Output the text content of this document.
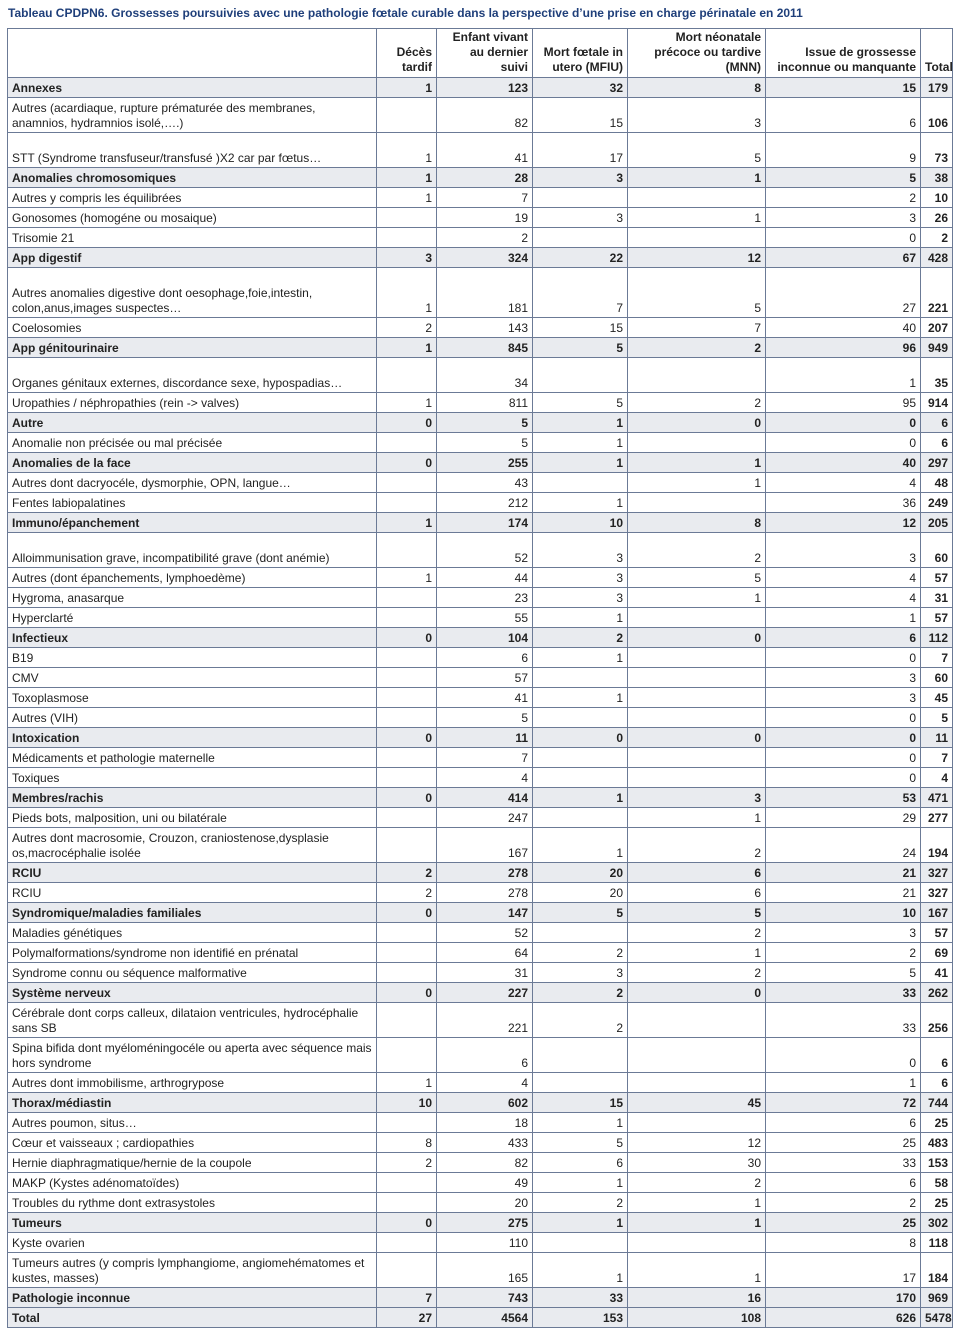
Tableau CPDPN6. Grossesses poursuivies avec une pathologie fœtale curable dans la perspective d’une prise en charge périnatale en 2011
	Décès tardif	Enfant vivant au dernier suivi	Mort fœtale in utero (MFIU)	Mort néonatale précoce ou tardive (MNN)	Issue de grossesse inconnue ou manquante	Total
Annexes	1	123	32	8	15	179
Autres (acardiaque, rupture prématurée des membranes, anamnios, hydramnios isolé,….)		82	15	3	6	106
STT (Syndrome transfuseur/transfusé )X2 car par fœtus…	1	41	17	5	9	73
Anomalies chromosomiques	1	28	3	1	5	38
Autres y compris les équilibrées	1	7			2	10
Gonosomes (homogéne ou mosaique)		19	3	1	3	26
Trisomie 21		2			0	2
App digestif	3	324	22	12	67	428
Autres anomalies digestive dont oesophage,foie,intestin, colon,anus,images suspectes…	1	181	7	5	27	221
Coelosomies	2	143	15	7	40	207
App génitourinaire	1	845	5	2	96	949
Organes génitaux externes, discordance sexe, hypospadias…		34			1	35
Uropathies / néphropathies (rein -> valves)	1	811	5	2	95	914
Autre	0	5	1	0	0	6
Anomalie non précisée ou mal précisée		5	1		0	6
Anomalies de la face	0	255	1	1	40	297
Autres dont dacryocéle, dysmorphie, OPN, langue…		43		1	4	48
Fentes labiopalatines		212	1		36	249
Immuno/épanchement	1	174	10	8	12	205
Alloimmunisation grave, incompatibilité grave (dont anémie)		52	3	2	3	60
Autres (dont épanchements, lymphoedème)	1	44	3	5	4	57
Hygroma, anasarque		23	3	1	4	31
Hyperclarté		55	1		1	57
Infectieux	0	104	2	0	6	112
B19		6	1		0	7
CMV		57			3	60
Toxoplasmose		41	1		3	45
Autres (VIH)		5			0	5
Intoxication	0	11	0	0	0	11
Médicaments et pathologie maternelle		7			0	7
Toxiques		4			0	4
Membres/rachis	0	414	1	3	53	471
Pieds bots, malposition, uni ou bilatérale		247		1	29	277
Autres dont macrosomie, Crouzon, craniostenose,dysplasie os,macrocéphalie isolée		167	1	2	24	194
RCIU	2	278	20	6	21	327
RCIU	2	278	20	6	21	327
Syndromique/maladies familiales	0	147	5	5	10	167
Maladies génétiques		52		2	3	57
Polymalformations/syndrome non identifié en prénatal		64	2	1	2	69
Syndrome connu ou séquence malformative		31	3	2	5	41
Système nerveux	0	227	2	0	33	262
Cérébrale dont corps calleux, dilataion ventricules, hydrocéphalie sans SB		221	2		33	256
Spina bifida dont myéloméningocéle ou aperta avec séquence mais hors syndrome		6			0	6
Autres dont immobilisme, arthrogrypose	1	4			1	6
Thorax/médiastin	10	602	15	45	72	744
Autres poumon, situs…		18	1		6	25
Cœur et vaisseaux ; cardiopathies	8	433	5	12	25	483
Hernie diaphragmatique/hernie de la coupole	2	82	6	30	33	153
MAKP (Kystes adénomatoïdes)		49	1	2	6	58
Troubles du rythme dont extrasystoles		20	2	1	2	25
Tumeurs	0	275	1	1	25	302
Kyste ovarien		110			8	118
Tumeurs autres (y compris lymphangiome, angiomehématomes et kustes, masses)		165	1	1	17	184
Pathologie inconnue	7	743	33	16	170	969
Total	27	4564	153	108	626	5478
